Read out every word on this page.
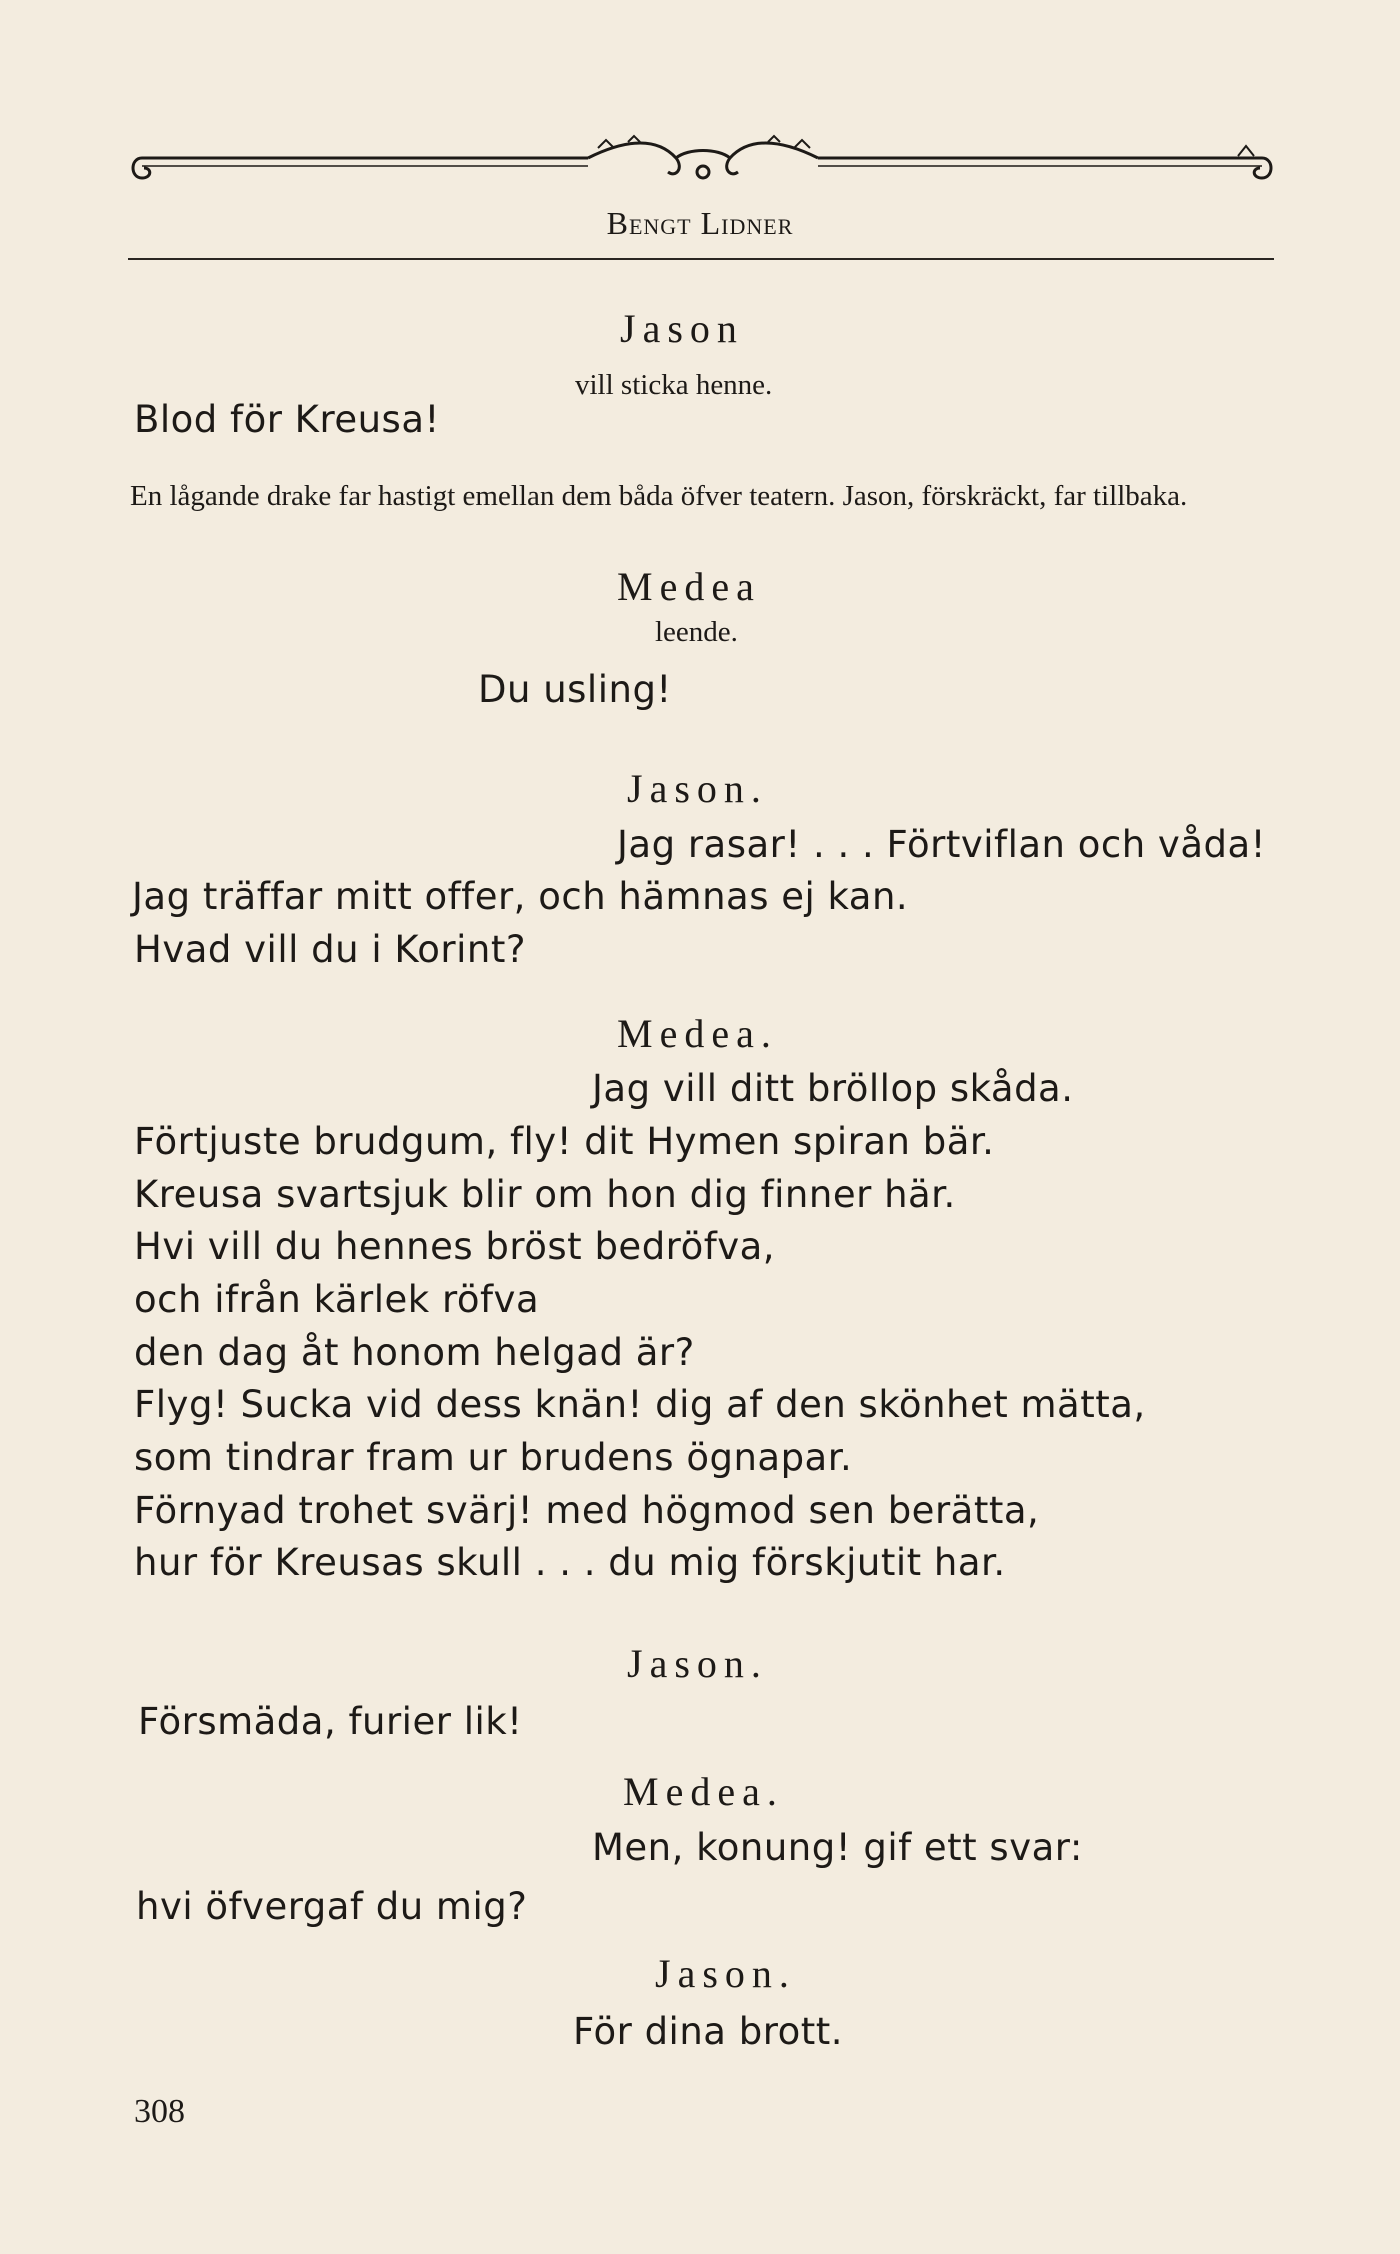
Bengt Lidner
Jason
vill sticka henne.
Blod för Kreusa!
En lågande drake far hastigt emellan dem båda öfver teatern. Jason, förskräckt, far tillbaka.
Medea
leende.
Du usling!
Jason.
Jag rasar! . . . Förtviflan och våda!
Jag träffar mitt offer, och hämnas ej kan.
Hvad vill du i Korint?
Medea.
Jag vill ditt bröllop skåda.
Förtjuste brudgum, fly! dit Hymen spiran bär.
Kreusa svartsjuk blir om hon dig finner här.
Hvi vill du hennes bröst bedröfva,
och ifrån kärlek röfva
den dag åt honom helgad är?
Flyg! Sucka vid dess knän! dig af den skönhet mätta,
som tindrar fram ur brudens ögnapar.
Förnyad trohet svärj! med högmod sen berätta,
hur för Kreusas skull . . . du mig förskjutit har.
Jason.
Försmäda, furier lik!
Medea.
Men, konung! gif ett svar:
hvi öfvergaf du mig?
Jason.
För dina brott.
308
